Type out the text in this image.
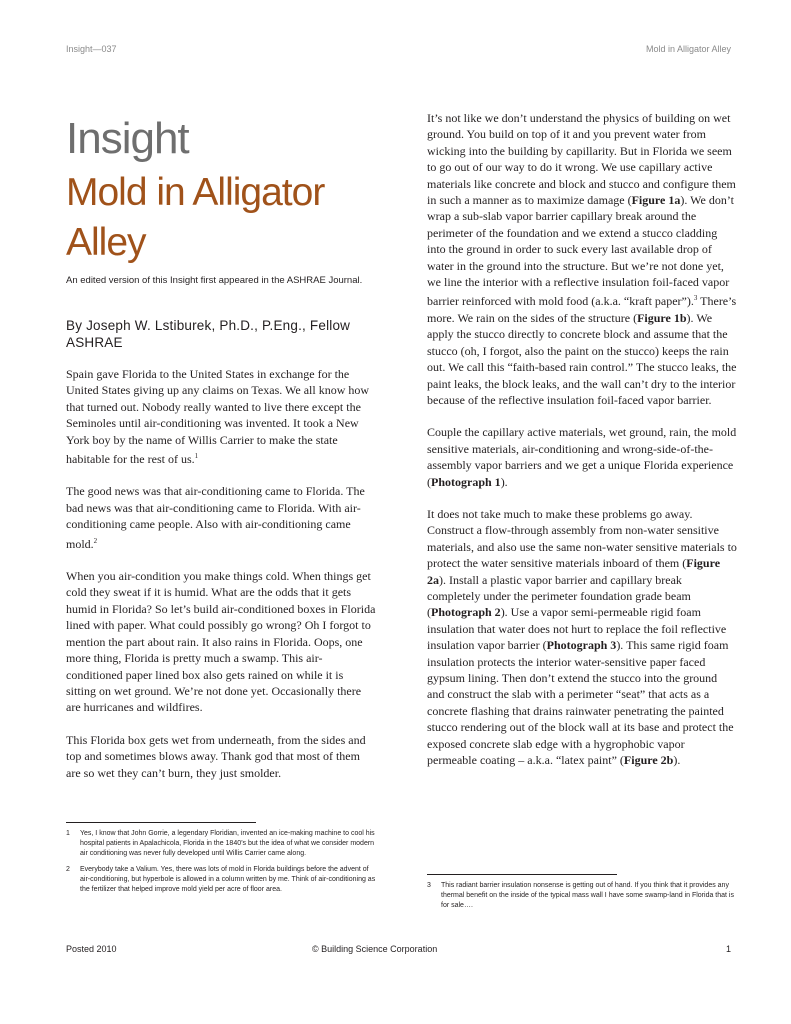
Insight—037	Mold in Alligator Alley
Insight
Mold in Alligator Alley
An edited version of this Insight first appeared in the ASHRAE Journal.
By Joseph W. Lstiburek, Ph.D., P.Eng., Fellow ASHRAE

Spain gave Florida to the United States in exchange for the United States giving up any claims on Texas. We all know how that turned out. Nobody really wanted to live there except the Seminoles until air-conditioning was invented. It took a New York boy by the name of Willis Carrier to make the state habitable for the rest of us.$^1$

The good news was that air-conditioning came to Florida. The bad news was that air-conditioning came to Florida. With air-conditioning came people. Also with air-conditioning came mold.$^2$

When you air-condition you make things cold. When things get cold they sweat if it is humid. What are the odds that it gets humid in Florida? So let’s build air-conditioned boxes in Florida lined with paper. What could possibly go wrong? Oh I forgot to mention the part about rain. It also rains in Florida. Oops, one more thing, Florida is pretty much a swamp. This air-conditioned paper lined box also gets rained on while it is sitting on wet ground. We’re not done yet. Occasionally there are hurricanes and wildfires.

This Florida box gets wet from underneath, from the sides and top and sometimes blows away. Thank god that most of them are so wet they can’t burn, they just smolder.

1	Yes, I know that John Gorrie, a legendary Floridian, invented an ice-making machine to cool his hospital patients in Apalachicola, Florida in the 1840’s but the idea of what we consider modern air conditioning was never fully developed until Willis Carrier came along.
2	Everybody take a Valium. Yes, there was lots of mold in Florida buildings before the advent of air-conditioning, but hyperbole is allowed in a column written by me. Think of air-conditioning as the fertilizer that helped improve mold yield per acre of floor area.

It’s not like we don’t understand the physics of building on wet ground. You build on top of it and you prevent water from wicking into the building by capillarity. But in Florida we seem to go out of our way to do it wrong. We use capillary active materials like concrete and block and stucco and configure them in such a manner as to maximize damage (Figure 1a). We don’t wrap a sub-slab vapor barrier capillary break around the perimeter of the foundation and we extend a stucco cladding into the ground in order to suck every last available drop of water in the ground into the structure. But we’re not done yet, we line the interior with a reflective insulation foil-faced vapor barrier reinforced with mold food (a.k.a. “kraft paper”).$^3$ There’s more. We rain on the sides of the structure (Figure 1b). We apply the stucco directly to concrete block and assume that the stucco (oh, I forgot, also the paint on the stucco) keeps the rain out. We call this “faith-based rain control.” The stucco leaks, the paint leaks, the block leaks, and the wall can’t dry to the interior because of the reflective insulation foil-faced vapor barrier.

Couple the capillary active materials, wet ground, rain, the mold sensitive materials, air-conditioning and wrong-side-of-the-assembly vapor barriers and we get a unique Florida experience (Photograph 1).

It does not take much to make these problems go away. Construct a flow-through assembly from non-water sensitive materials, and also use the same non-water sensitive materials to protect the water sensitive materials inboard of them (Figure 2a). Install a plastic vapor barrier and capillary break completely under the perimeter foundation grade beam (Photograph 2). Use a vapor semi-permeable rigid foam insulation that water does not hurt to replace the foil reflective insulation vapor barrier (Photograph 3). This same rigid foam insulation protects the interior water-sensitive paper faced gypsum lining. Then don’t extend the stucco into the ground and construct the slab with a perimeter “seat” that acts as a concrete flashing that drains rainwater penetrating the painted stucco rendering out of the block wall at its base and protect the exposed concrete slab edge with a hygrophobic vapor permeable coating – a.k.a. “latex paint” (Figure 2b).

3	This radiant barrier insulation nonsense is getting out of hand. If you think that it provides any thermal benefit on the inside of the typical mass wall I have some swamp-land in Florida that is for sale….
Posted 2010	© Building Science Corporation	1
